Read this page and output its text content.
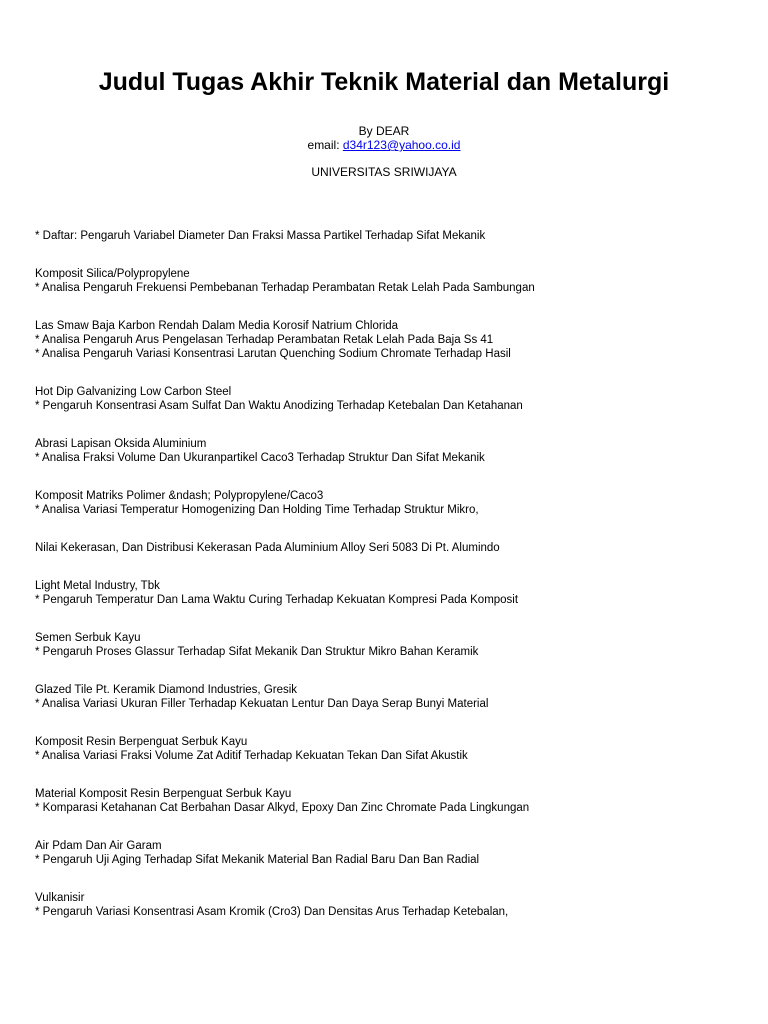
Judul Tugas Akhir Teknik Material dan Metalurgi
By DEAR
email: d34r123@yahoo.co.id
UNIVERSITAS SRIWIJAYA

* Daftar: Pengaruh Variabel Diameter Dan Fraksi Massa Partikel Terhadap Sifat Mekanik

Komposit Silica/Polypropylene
* Analisa Pengaruh Frekuensi Pembebanan Terhadap Perambatan Retak Lelah Pada Sambungan

Las Smaw Baja Karbon Rendah Dalam Media Korosif Natrium Chlorida
* Analisa Pengaruh Arus Pengelasan Terhadap Perambatan Retak Lelah Pada Baja Ss 41
* Analisa Pengaruh Variasi Konsentrasi Larutan Quenching Sodium Chromate Terhadap Hasil

Hot Dip Galvanizing Low Carbon Steel
* Pengaruh Konsentrasi Asam Sulfat Dan Waktu Anodizing Terhadap Ketebalan Dan Ketahanan

Abrasi Lapisan Oksida Aluminium
* Analisa Fraksi Volume Dan Ukuranpartikel Caco3 Terhadap Struktur Dan Sifat Mekanik

Komposit Matriks Polimer &ndash; Polypropylene/Caco3
* Analisa Variasi Temperatur Homogenizing Dan Holding Time Terhadap Struktur Mikro,

Nilai Kekerasan, Dan Distribusi Kekerasan Pada Aluminium Alloy Seri 5083 Di Pt. Alumindo

Light Metal Industry, Tbk
* Pengaruh Temperatur Dan Lama Waktu Curing Terhadap Kekuatan Kompresi Pada Komposit

Semen Serbuk Kayu
* Pengaruh Proses Glassur Terhadap Sifat Mekanik Dan Struktur Mikro Bahan Keramik

Glazed Tile Pt. Keramik Diamond Industries, Gresik
* Analisa Variasi Ukuran Filler Terhadap Kekuatan Lentur Dan Daya Serap Bunyi Material

Komposit Resin Berpenguat Serbuk Kayu
* Analisa Variasi Fraksi Volume Zat Aditif Terhadap Kekuatan Tekan Dan Sifat Akustik

Material Komposit Resin Berpenguat Serbuk Kayu
* Komparasi Ketahanan Cat Berbahan Dasar Alkyd, Epoxy Dan Zinc Chromate Pada Lingkungan

Air Pdam Dan Air Garam
* Pengaruh Uji Aging Terhadap Sifat Mekanik Material Ban Radial Baru Dan Ban Radial

Vulkanisir
* Pengaruh Variasi Konsentrasi Asam Kromik (Cro3) Dan Densitas Arus Terhadap Ketebalan,
